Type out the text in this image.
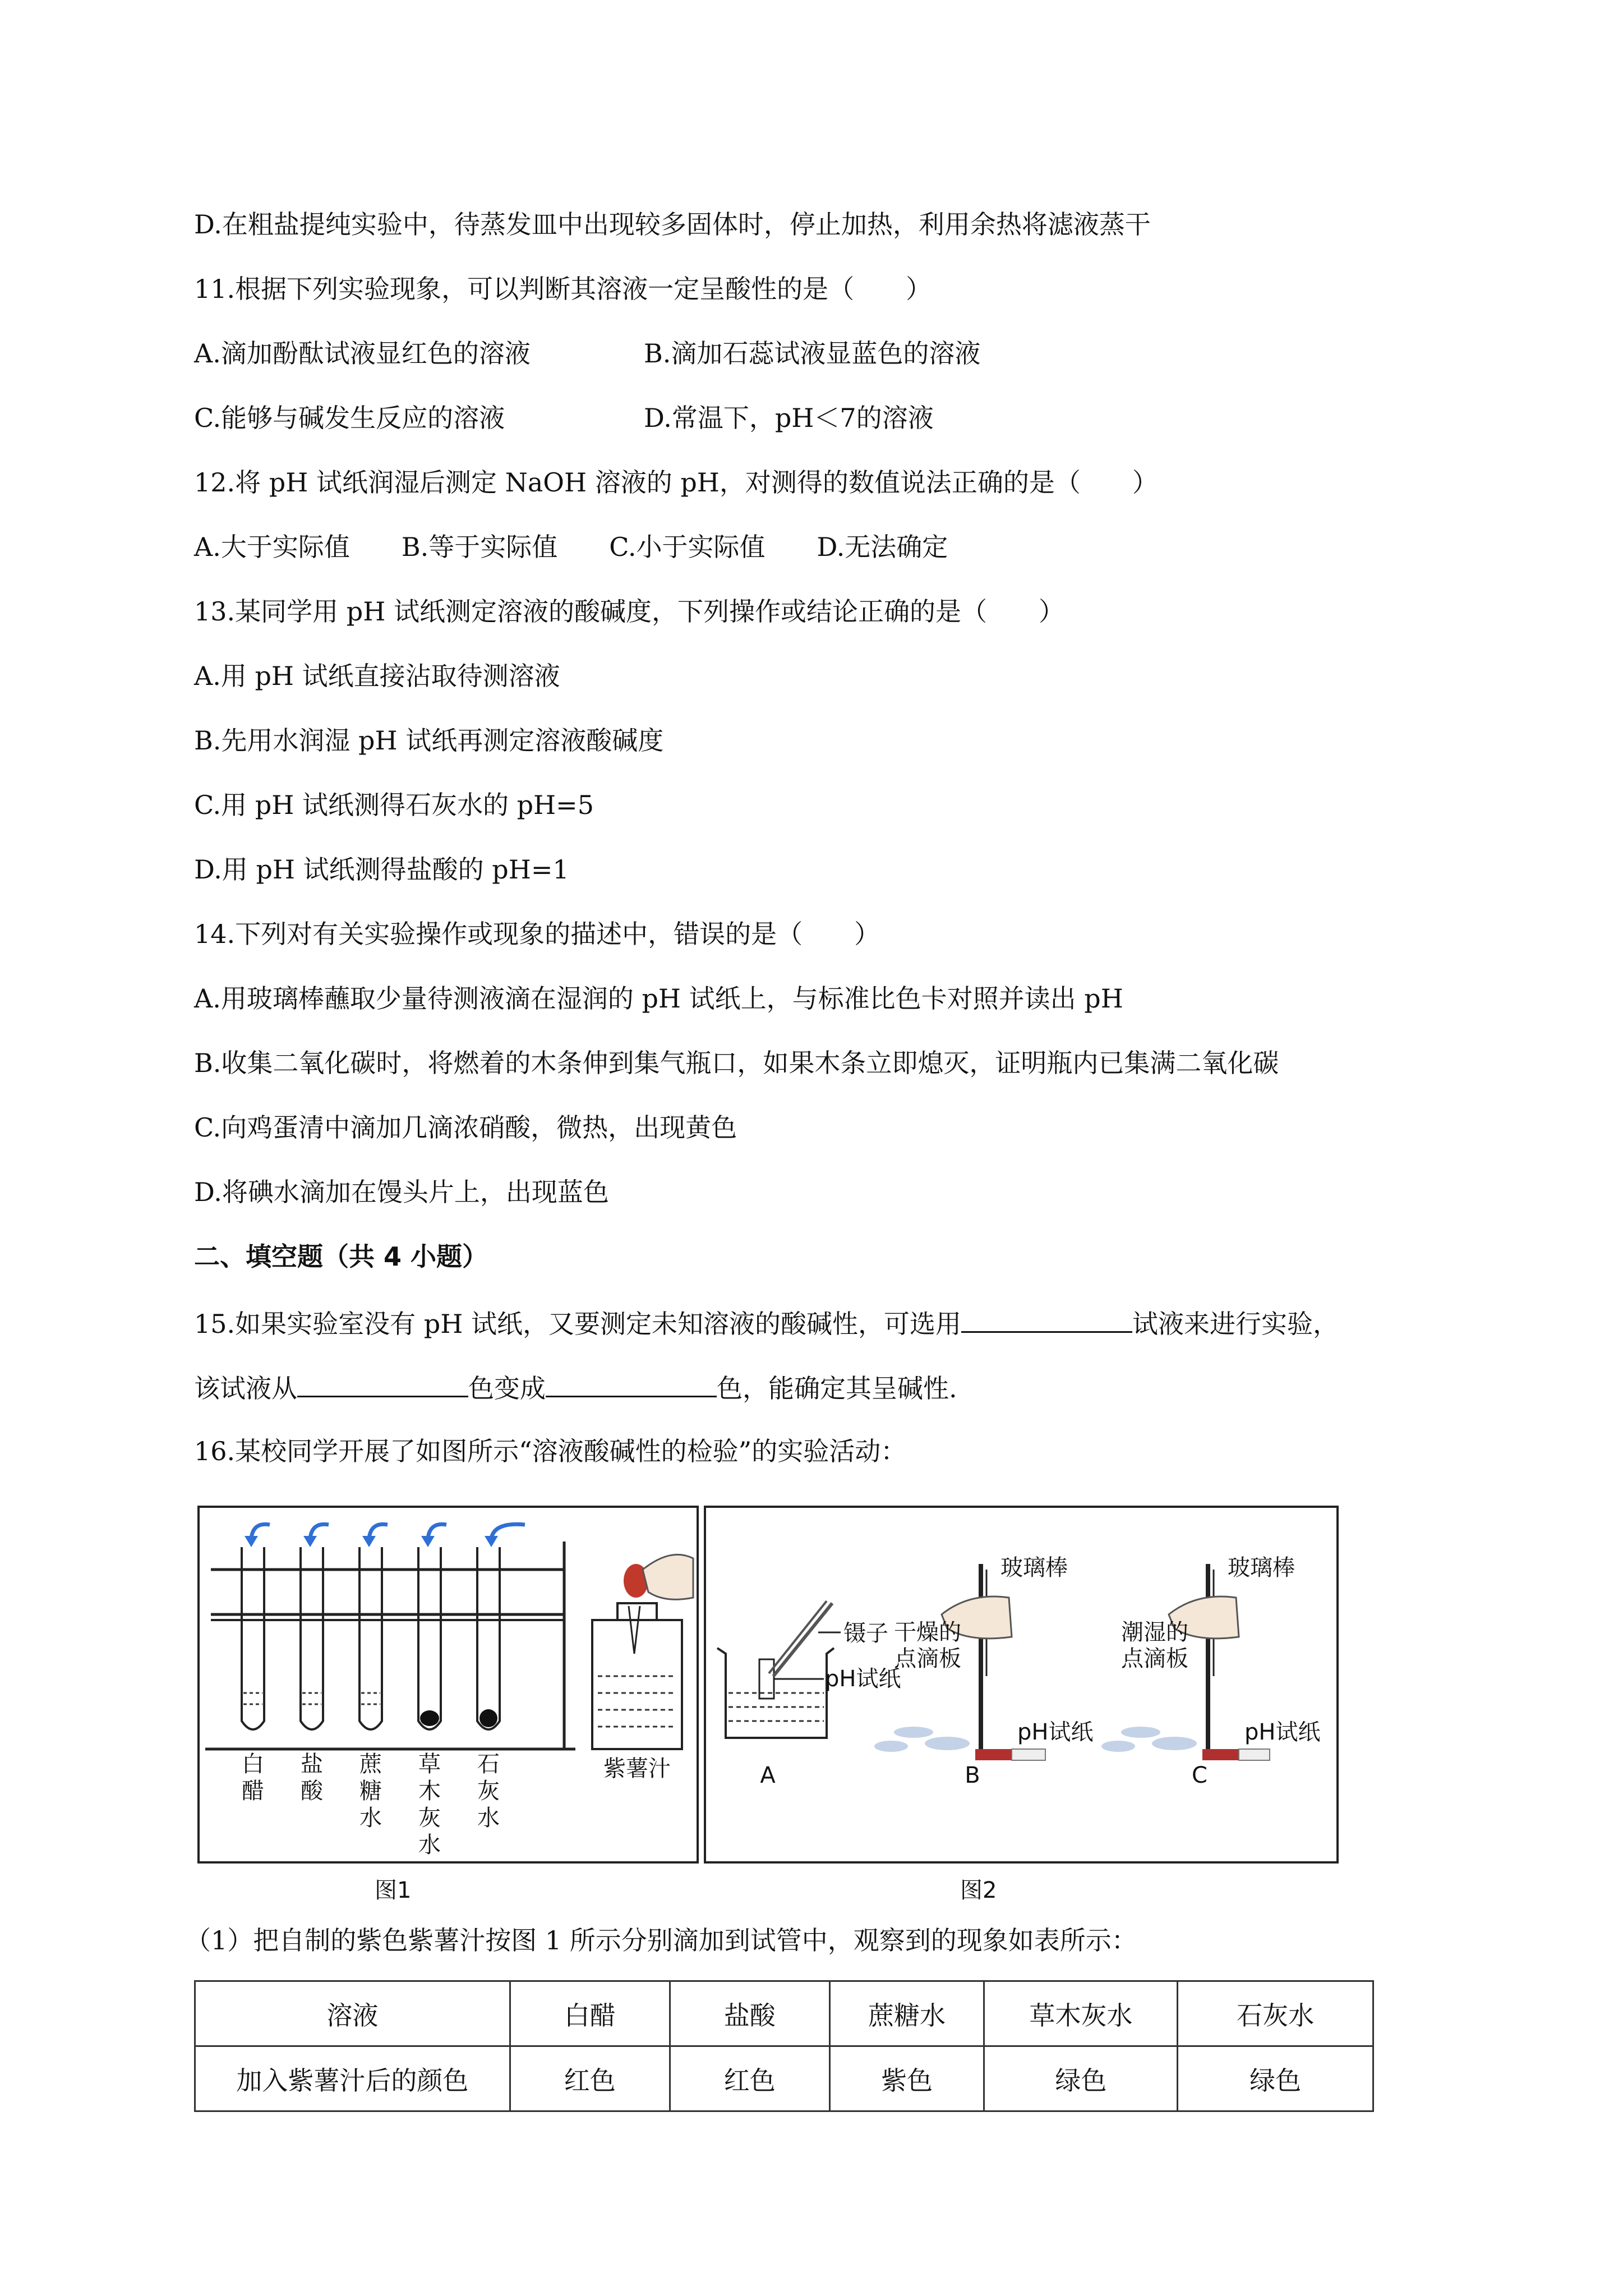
D.在粗盐提纯实验中，待蒸发皿中出现较多固体时，停止加热，利用余热将滤液蒸干
11.根据下列实验现象，可以判断其溶液一定呈酸性的是（　　）
A.滴加酚酞试液显红色的溶液	B.滴加石蕊试液显蓝色的溶液
C.能够与碱发生反应的溶液	D.常温下，pH＜7的溶液
12.将 pH 试纸润湿后测定 NaOH 溶液的 pH，对测得的数值说法正确的是（　　）
A.大于实际值　　B.等于实际值　　C.小于实际值　　D.无法确定
13.某同学用 pH 试纸测定溶液的酸碱度，下列操作或结论正确的是（　　）
A.用 pH 试纸直接沾取待测溶液
B.先用水润湿 pH 试纸再测定溶液酸碱度
C.用 pH 试纸测得石灰水的 pH=5
D.用 pH 试纸测得盐酸的 pH=1
14.下列对有关实验操作或现象的描述中，错误的是（　　）
A.用玻璃棒蘸取少量待测液滴在湿润的 pH 试纸上，与标准比色卡对照并读出 pH
B.收集二氧化碳时，将燃着的木条伸到集气瓶口，如果木条立即熄灭，证明瓶内已集满二氧化碳
C.向鸡蛋清中滴加几滴浓硝酸，微热，出现黄色
D.将碘水滴加在馒头片上，出现蓝色
二、填空题（共 4 小题）
15.如果实验室没有 pH 试纸，又要测定未知溶液的酸碱性，可选用	试液来进行实验，
该试液从	色变成	色，能确定其呈碱性.
16.某校同学开展了如图所示“溶液酸碱性的检验”的实验活动：
白
醋
盐
酸
蔗
糖
水
草
木
灰
水
石
灰
水
紫薯汁
图1
镊子
pH试纸
A
玻璃棒
干燥的
点滴板
pH试纸
B
玻璃棒
潮湿的
点滴板
pH试纸
C
图2
（1）把自制的紫色紫薯汁按图 1 所示分别滴加到试管中，观察到的现象如表所示：
溶液	白醋	盐酸	蔗糖水	草木灰水	石灰水
加入紫薯汁后的颜色	红色	红色	紫色	绿色	绿色
